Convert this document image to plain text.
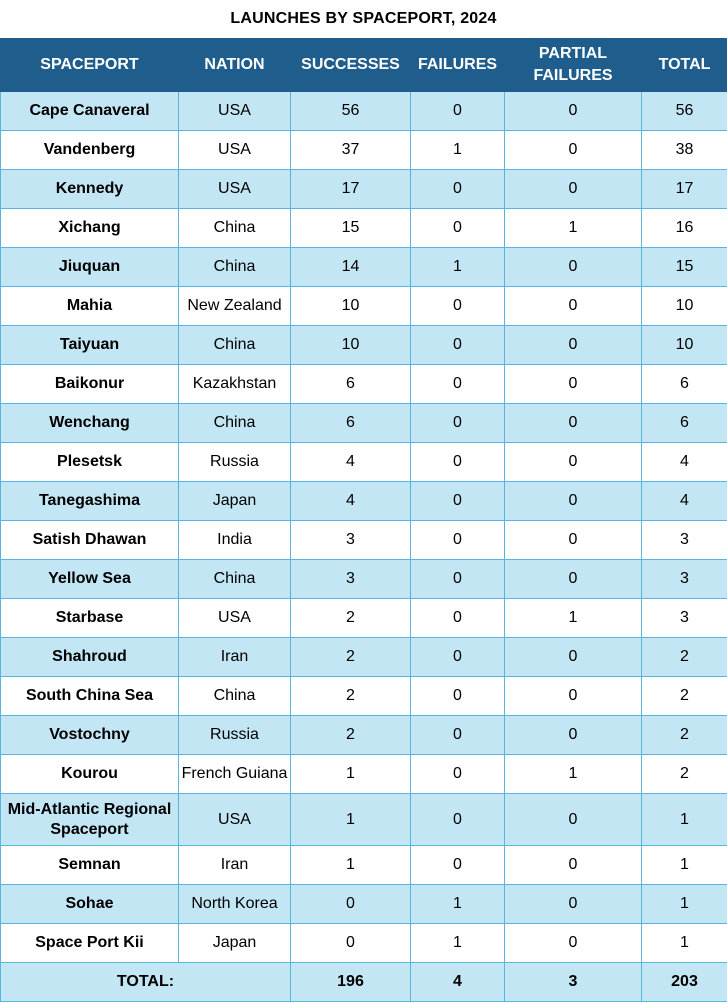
LAUNCHES BY SPACEPORT, 2024
SPACEPORT	NATION	SUCCESSES	FAILURES	PARTIAL FAILURES	TOTAL
Cape Canaveral	USA	56	0	0	56
Vandenberg	USA	37	1	0	38
Kennedy	USA	17	0	0	17
Xichang	China	15	0	1	16
Jiuquan	China	14	1	0	15
Mahia	New Zealand	10	0	0	10
Taiyuan	China	10	0	0	10
Baikonur	Kazakhstan	6	0	0	6
Wenchang	China	6	0	0	6
Plesetsk	Russia	4	0	0	4
Tanegashima	Japan	4	0	0	4
Satish Dhawan	India	3	0	0	3
Yellow Sea	China	3	0	0	3
Starbase	USA	2	0	1	3
Shahroud	Iran	2	0	0	2
South China Sea	China	2	0	0	2
Vostochny	Russia	2	0	0	2
Kourou	French Guiana	1	0	1	2
Mid-Atlantic Regional Spaceport	USA	1	0	0	1
Semnan	Iran	1	0	0	1
Sohae	North Korea	0	1	0	1
Space Port Kii	Japan	0	1	0	1
TOTAL:		196	4	3	203
